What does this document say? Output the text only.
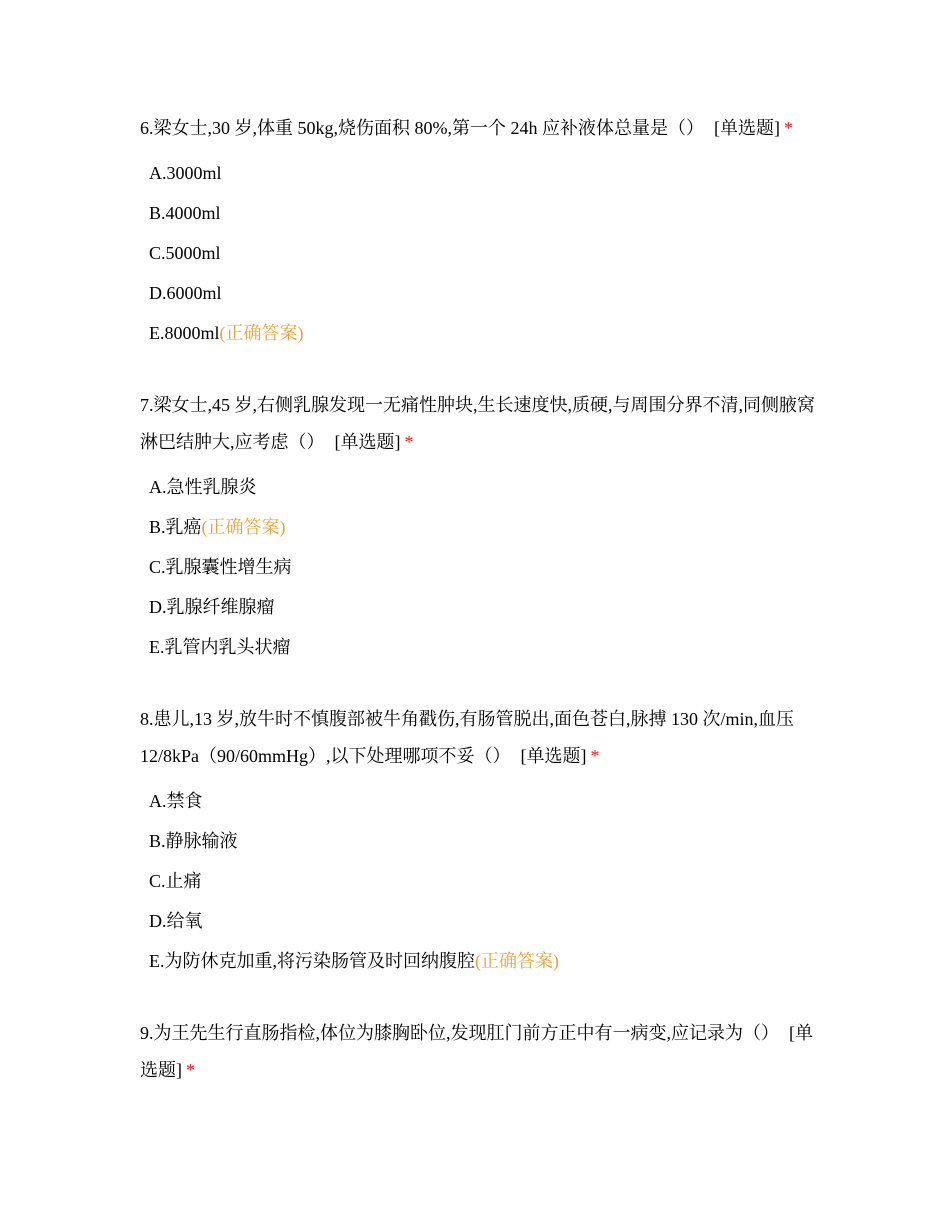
6.梁女士,30 岁,体重 50kg,烧伤面积 80%,第一个 24h 应补液体总量是（） [单选题] *

A.3000ml
B.4000ml
C.5000ml
D.6000ml
E.8000ml(正确答案)

7.梁女士,45 岁,右侧乳腺发现一无痛性肿块,生长速度快,质硬,与周围分界不清,同侧腋窝淋巴结肿大,应考虑（） [单选题] *

A.急性乳腺炎
B.乳癌(正确答案)
C.乳腺囊性增生病
D.乳腺纤维腺瘤
E.乳管内乳头状瘤

8.患儿,13 岁,放牛时不慎腹部被牛角戳伤,有肠管脱出,面色苍白,脉搏 130 次/min,血压 12/8kPa（90/60mmHg）,以下处理哪项不妥（） [单选题] *

A.禁食
B.静脉输液
C.止痛
D.给氧
E.为防休克加重,将污染肠管及时回纳腹腔(正确答案)

9.为王先生行直肠指检,体位为膝胸卧位,发现肛门前方正中有一病变,应记录为（） [单选题] *
